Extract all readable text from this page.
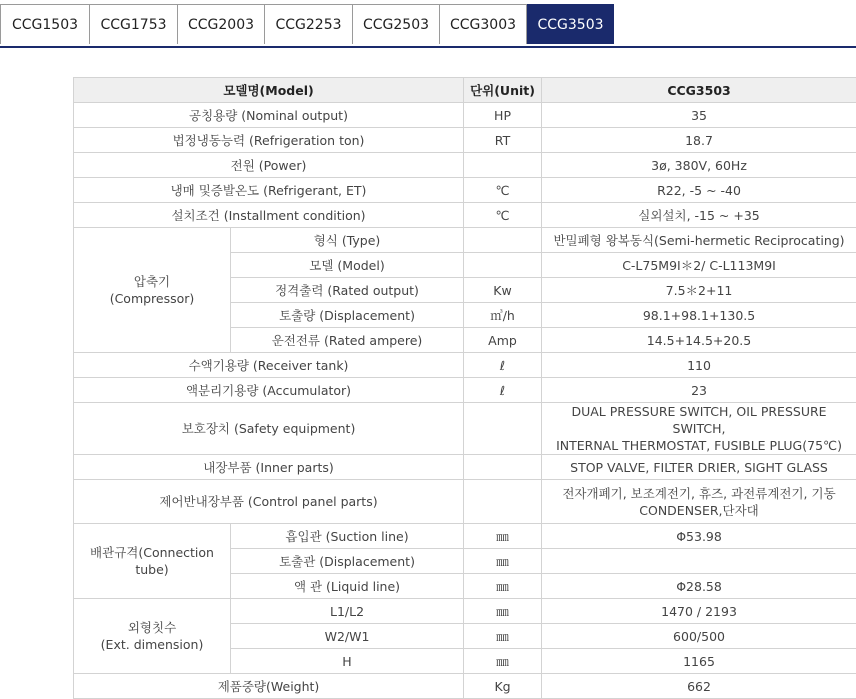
CCG1503	CCG1753	CCG2003	CCG2253	CCG2503	CCG3003	CCG3503
모델명(Model)		단위(Unit)	CCG3503
공칭용량 (Nominal output)		HP	35
법정냉동능력 (Refrigeration ton)		RT	18.7
전원 (Power)			3ø, 380V, 60Hz
냉매 및증발온도 (Refrigerant, ET)		℃	R22, -5 ~ -40
설치조건 (Installment condition)		℃	실외설치, -15 ~ +35
압축기
(Compressor)	형식 (Type)		반밀폐형 왕복동식(Semi-hermetic Reciprocating)
	모델 (Model)		C-L75M9I＊2/ C-L113M9I
	정격출력 (Rated output)	Kw	7.5＊2+11
	토출량 (Displacement)	㎥/h	98.1+98.1+130.5
	운전전류 (Rated ampere)	Amp	14.5+14.5+20.5
수액기용량 (Receiver tank)		ℓ	110
액분리기용량 (Accumulator)		ℓ	23
보호장치 (Safety equipment)			DUAL PRESSURE SWITCH, OIL PRESSURE SWITCH,
INTERNAL THERMOSTAT, FUSIBLE PLUG(75℃)
내장부품 (Inner parts)			STOP VALVE, FILTER DRIER, SIGHT GLASS
제어반내장부품 (Control panel parts)			전자개폐기, 보조계전기, 휴즈, 과전류계전기, 기동
CONDENSER,단자대
배관규격(Connection
tube)	흡입관 (Suction line)	㎜	Φ53.98
	토출관 (Displacement)	㎜	
	액 관 (Liquid line)	㎜	Φ28.58
외형칫수
(Ext. dimension)	L1/L2	㎜	1470 / 2193
	W2/W1	㎜	600/500
	H	㎜	1165
제품중량(Weight)		Kg	662
